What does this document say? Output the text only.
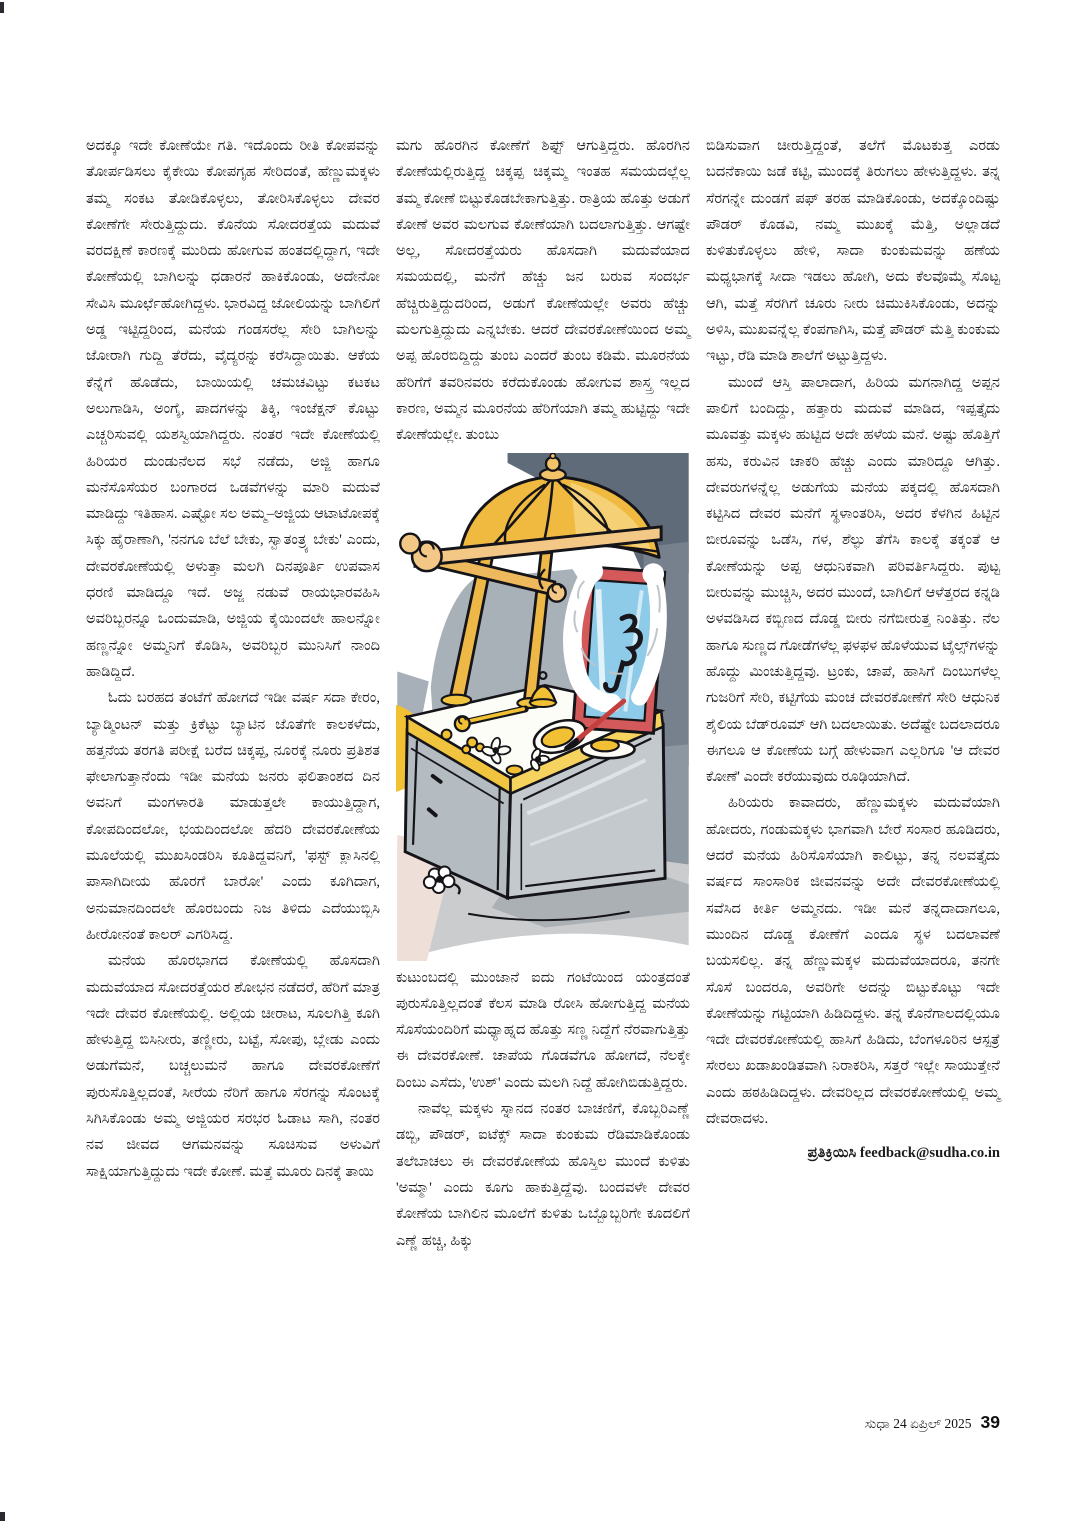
ಅದಕ್ಕೂ ಇದೇ ಕೋಣೆಯೇ ಗತಿ. ಇದೊಂದು ರೀತಿ ಕೋಪವನ್ನು ತೋರ್ಪಡಿಸಲು ಕೈಕೇಯಿ ಕೋಪಗೃಹ ಸೇರಿದಂತೆ, ಹೆಣ್ಣುಮಕ್ಕಳು ತಮ್ಮ ಸಂಕಟ ತೋಡಿಕೊಳ್ಳಲು, ತೋರಿಸಿಕೊಳ್ಳಲು ದೇವರ ಕೋಣೆಗೇ ಸೇರುತ್ತಿದ್ದುದು. ಕೊನೆಯ ಸೋದರತ್ತೆಯ ಮದುವೆ ವರದಕ್ಷಿಣೆ ಕಾರಣಕ್ಕೆ ಮುರಿದು ಹೋಗುವ ಹಂತದಲ್ಲಿದ್ದಾಗ, ಇದೇ ಕೋಣೆಯಲ್ಲಿ ಬಾಗಿಲನ್ನು ಧಡಾರನೆ ಹಾಕಿಕೊಂಡು, ಅದೇನೋ ಸೇವಿಸಿ ಮೂರ್ಛೆಹೋಗಿದ್ದಳು. ಭಾರವಿದ್ದ ಜೋಲಿಯನ್ನು ಬಾಗಿಲಿಗೆ ಅಡ್ಡ ಇಟ್ಟಿದ್ದರಿಂದ, ಮನೆಯ ಗಂಡಸರೆಲ್ಲ ಸೇರಿ ಬಾಗಿಲನ್ನು ಜೋರಾಗಿ ಗುದ್ದಿ ತೆರೆದು, ವೈದ್ಯರನ್ನು ಕರೆಸಿದ್ದಾಯಿತು. ಆಕೆಯ ಕೆನ್ನೆಗೆ ಹೊಡೆದು, ಬಾಯಿಯಲ್ಲಿ ಚಮಚವಿಟ್ಟು ಕಟಕಟ ಅಲುಗಾಡಿಸಿ, ಅಂಗೈ, ಪಾದಗಳನ್ನು ತಿಕ್ಕಿ, ಇಂಜೆಕ್ಷನ್ ಕೊಟ್ಟು ಎಚ್ಚರಿಸುವಲ್ಲಿ ಯಶಸ್ವಿಯಾಗಿದ್ದರು. ನಂತರ ಇದೇ ಕೋಣೆಯಲ್ಲಿ ಹಿರಿಯರ ದುಂಡುನೆಲದ ಸಭೆ ನಡೆದು, ಅಜ್ಜಿ ಹಾಗೂ ಮನೆಸೊಸೆಯರ ಬಂಗಾರದ ಒಡವೆಗಳನ್ನು ಮಾರಿ ಮದುವೆ ಮಾಡಿದ್ದು ಇತಿಹಾಸ. ಎಷ್ಟೋ ಸಲ ಅಮ್ಮ–ಅಜ್ಜಿಯ ಆಟಾಟೋಪಕ್ಕೆ ಸಿಕ್ಕು ಹೈರಾಣಾಗಿ, 'ನನಗೂ ಬೆಲೆ ಬೇಕು, ಸ್ವಾತಂತ್ರ್ಯ ಬೇಕು' ಎಂದು, ದೇವರಕೋಣೆಯಲ್ಲಿ ಅಳುತ್ತಾ ಮಲಗಿ ದಿನಪೂರ್ತಿ ಉಪವಾಸ ಧರಣಿ ಮಾಡಿದ್ದೂ ಇದೆ. ಅಜ್ಜ ನಡುವೆ ರಾಯಭಾರವಹಿಸಿ ಅವರಿಬ್ಬರನ್ನೂ ಒಂದುಮಾಡಿ, ಅಜ್ಜಿಯ ಕೈಯಿಂದಲೇ ಹಾಲನ್ನೋ ಹಣ್ಣನ್ನೋ ಅಮ್ಮನಿಗೆ ಕೊಡಿಸಿ, ಅವರಿಬ್ಬರ ಮುನಿಸಿಗೆ ನಾಂದಿ ಹಾಡಿದ್ದಿದೆ.

ಓದು ಬರಹದ ತಂಟೆಗೆ ಹೋಗದೆ ಇಡೀ ವರ್ಷ ಸದಾ ಕೇರಂ, ಬ್ಯಾಡ್ಮಿಂಟನ್ ಮತ್ತು ಕ್ರಿಕೆಟ್ಟು ಬ್ಯಾಟಿನ ಜೊತೆಗೇ ಕಾಲಕಳೆದು, ಹತ್ತನೆಯ ತರಗತಿ ಪರೀಕ್ಷೆ ಬರೆದ ಚಿಕ್ಕಪ್ಪ, ನೂರಕ್ಕೆ ನೂರು ಪ್ರತಿಶತ ಫೇಲಾಗುತ್ತಾನೆಂದು ಇಡೀ ಮನೆಯ ಜನರು ಫಲಿತಾಂಶದ ದಿನ ಅವನಿಗೆ ಮಂಗಳಾರತಿ ಮಾಡುತ್ತಲೇ ಕಾಯುತ್ತಿದ್ದಾಗ, ಕೋಪದಿಂದಲೋ, ಭಯದಿಂದಲೋ ಹೆದರಿ ದೇವರಕೋಣೆಯ ಮೂಲೆಯಲ್ಲಿ ಮುಖಸಿಂಡರಿಸಿ ಕೂತಿದ್ದವನಿಗೆ, 'ಫಸ್ಟ್ ಕ್ಲಾಸಿನಲ್ಲಿ ಪಾಸಾಗಿದೀಯ ಹೊರಗೆ ಬಾರೋ' ಎಂದು ಕೂಗಿದಾಗ, ಅನುಮಾನದಿಂದಲೇ ಹೊರಬಂದು ನಿಜ ತಿಳಿದು ಎದೆಯುಬ್ಬಿಸಿ ಹೀರೋನಂತೆ ಕಾಲರ್ ಎಗರಿಸಿದ್ದ.

ಮನೆಯ ಹೊರಭಾಗದ ಕೋಣೆಯಲ್ಲಿ ಹೊಸದಾಗಿ ಮದುವೆಯಾದ ಸೋದರತ್ತೆಯರ ಶೋಭನ ನಡೆದರೆ, ಹೆರಿಗೆ ಮಾತ್ರ ಇದೇ ದೇವರ ಕೋಣೆಯಲ್ಲಿ. ಅಲ್ಲಿಯ ಚೀರಾಟ, ಸೂಲಗಿತ್ತಿ ಕೂಗಿ ಹೇಳುತ್ತಿದ್ದ ಬಿಸಿನೀರು, ತಣ್ಣೀರು, ಬಟ್ಟೆ, ಸೋಪು, ಬ್ಲೇಡು ಎಂದು ಅಡುಗೆಮನೆ, ಬಚ್ಚಲುಮನೆ ಹಾಗೂ ದೇವರಕೋಣೆಗೆ ಪುರುಸೊತ್ತಿಲ್ಲದಂತೆ, ಸೀರೆಯ ನೆರಿಗೆ ಹಾಗೂ ಸೆರಗನ್ನು ಸೊಂಟಕ್ಕೆ ಸಿಗಿಸಿಕೊಂಡು ಅಮ್ಮ ಅಜ್ಜಿಯರ ಸರಭರ ಓಡಾಟ ಸಾಗಿ, ನಂತರ ನವ ಜೀವದ ಆಗಮನವನ್ನು ಸೂಚಿಸುವ ಅಳುವಿಗೆ ಸಾಕ್ಷಿಯಾಗುತ್ತಿದ್ದುದು ಇದೇ ಕೋಣೆ. ಮತ್ತೆ ಮೂರು ದಿನಕ್ಕೆ ತಾಯಿ

ಮಗು ಹೊರಗಿನ ಕೋಣೆಗೆ ಶಿಫ್ಟ್ ಆಗುತ್ತಿದ್ದರು. ಹೊರಗಿನ ಕೋಣೆಯಲ್ಲಿರುತ್ತಿದ್ದ ಚಿಕ್ಕಪ್ಪ ಚಿಕ್ಕಮ್ಮ ಇಂತಹ ಸಮಯದಲ್ಲೆಲ್ಲ ತಮ್ಮ ಕೋಣೆ ಬಿಟ್ಟುಕೊಡಬೇಕಾಗುತ್ತಿತ್ತು. ರಾತ್ರಿಯ ಹೊತ್ತು ಅಡುಗೆ ಕೋಣೆ ಅವರ ಮಲಗುವ ಕೋಣೆಯಾಗಿ ಬದಲಾಗುತ್ತಿತ್ತು. ಆಗಷ್ಟೇ ಅಲ್ಲ, ಸೋದರತ್ತೆಯರು ಹೊಸದಾಗಿ ಮದುವೆಯಾದ ಸಮಯದಲ್ಲಿ, ಮನೆಗೆ ಹೆಚ್ಚು ಜನ ಬರುವ ಸಂದರ್ಭ ಹೆಚ್ಚಿರುತ್ತಿದ್ದುದರಿಂದ, ಅಡುಗೆ ಕೋಣೆಯಲ್ಲೇ ಅವರು ಹೆಚ್ಚು ಮಲಗುತ್ತಿದ್ದುದು ಎನ್ನಬೇಕು. ಆದರೆ ದೇವರಕೋಣೆಯಿಂದ ಅಮ್ಮ ಅಪ್ಪ ಹೊರಬಿದ್ದಿದ್ದು ತುಂಬ ಎಂದರೆ ತುಂಬ ಕಡಿಮೆ. ಮೂರನೆಯ ಹೆರಿಗೆಗೆ ತವರಿನವರು ಕರೆದುಕೊಂಡು ಹೋಗುವ ಶಾಸ್ತ್ರ ಇಲ್ಲದ ಕಾರಣ, ಅಮ್ಮನ ಮೂರನೆಯ ಹೆರಿಗೆಯಾಗಿ ತಮ್ಮ ಹುಟ್ಟಿದ್ದು ಇದೇ ಕೋಣೆಯಲ್ಲೇ. ತುಂಬು

ಕುಟುಂಬದಲ್ಲಿ ಮುಂಜಾನೆ ಐದು ಗಂಟೆಯಿಂದ ಯಂತ್ರದಂತೆ ಪುರುಸೊತ್ತಿಲ್ಲದಂತೆ ಕೆಲಸ ಮಾಡಿ ರೋಸಿ ಹೋಗುತ್ತಿದ್ದ ಮನೆಯ ಸೊಸೆಯಂದಿರಿಗೆ ಮಧ್ಯಾಹ್ನದ ಹೊತ್ತು ಸಣ್ಣ ನಿದ್ದೆಗೆ ನೆರವಾಗುತ್ತಿತ್ತು ಈ ದೇವರಕೋಣೆ. ಚಾಪೆಯ ಗೊಡವೆಗೂ ಹೋಗದೆ, ನೆಲಕ್ಕೇ ದಿಂಬು ಎಸೆದು, 'ಉಶ್' ಎಂದು ಮಲಗಿ ನಿದ್ದೆ ಹೋಗಿಬಿಡುತ್ತಿದ್ದರು.

ನಾವೆಲ್ಲ ಮಕ್ಕಳು ಸ್ನಾನದ ನಂತರ ಬಾಚಣಿಗೆ, ಕೊಬ್ಬರಿಎಣ್ಣೆ ಡಬ್ಬಿ, ಪೌಡರ್, ಐಟೆಕ್ಸ್ ಸಾದಾ ಕುಂಕುಮ ರೆಡಿಮಾಡಿಕೊಂಡು ತಲೆಬಾಚಲು ಈ ದೇವರಕೋಣೆಯ ಹೊಸ್ತಿಲ ಮುಂದೆ ಕುಳಿತು 'ಅಮ್ಮಾ' ಎಂದು ಕೂಗು ಹಾಕುತ್ತಿದ್ದೆವು. ಬಂದವಳೇ ದೇವರ ಕೋಣೆಯ ಬಾಗಿಲಿನ ಮೂಲೆಗೆ ಕುಳಿತು ಒಬ್ಬೊಬ್ಬರಿಗೇ ಕೂದಲಿಗೆ ಎಣ್ಣೆ ಹಚ್ಚಿ, ಹಿಕ್ಕು

ಬಿಡಿಸುವಾಗ ಚೀರುತ್ತಿದ್ದಂತೆ, ತಲೆಗೆ ಮೊಟಕುತ್ತ ಎರಡು ಬದನೆಕಾಯಿ ಜಡೆ ಕಟ್ಟಿ, ಮುಂದಕ್ಕೆ ತಿರುಗಲು ಹೇಳುತ್ತಿದ್ದಳು. ತನ್ನ ಸೆರಗನ್ನೇ ದುಂಡಗೆ ಪಫ್ ತರಹ ಮಾಡಿಕೊಂಡು, ಅದಕ್ಕೊಂದಿಷ್ಟು ಪೌಡರ್ ಕೊಡವಿ, ನಮ್ಮ ಮುಖಕ್ಕೆ ಮೆತ್ತಿ, ಅಲ್ಲಾಡದೆ ಕುಳಿತುಕೊಳ್ಳಲು ಹೇಳಿ, ಸಾದಾ ಕುಂಕುಮವನ್ನು ಹಣೆಯ ಮಧ್ಯಭಾಗಕ್ಕೆ ಸೀದಾ ಇಡಲು ಹೋಗಿ, ಅದು ಕೆಲವೊಮ್ಮೆ ಸೊಟ್ಟ ಆಗಿ, ಮತ್ತೆ ಸೆರಗಿಗೆ ಚೂರು ನೀರು ಚಿಮುಕಿಸಿಕೊಂಡು, ಅದನ್ನು ಅಳಿಸಿ, ಮುಖವನ್ನೆಲ್ಲ ಕೆಂಪಗಾಗಿಸಿ, ಮತ್ತೆ ಪೌಡರ್ ಮೆತ್ತಿ ಕುಂಕುಮ ಇಟ್ಟು, ರೆಡಿ ಮಾಡಿ ಶಾಲೆಗೆ ಅಟ್ಟುತ್ತಿದ್ದಳು.

ಮುಂದೆ ಆಸ್ತಿ ಪಾಲಾದಾಗ, ಹಿರಿಯ ಮಗನಾಗಿದ್ದ ಅಪ್ಪನ ಪಾಲಿಗೆ ಬಂದಿದ್ದು, ಹತ್ತಾರು ಮದುವೆ ಮಾಡಿದ, ಇಪ್ಪತ್ತೈದು ಮೂವತ್ತು ಮಕ್ಕಳು ಹುಟ್ಟಿದ ಅದೇ ಹಳೆಯ ಮನೆ. ಅಷ್ಟು ಹೊತ್ತಿಗೆ ಹಸು, ಕರುವಿನ ಚಾಕರಿ ಹೆಚ್ಚು ಎಂದು ಮಾರಿದ್ದೂ ಆಗಿತ್ತು. ದೇವರುಗಳನ್ನೆಲ್ಲ ಅಡುಗೆಯ ಮನೆಯ ಪಕ್ಕದಲ್ಲಿ ಹೊಸದಾಗಿ ಕಟ್ಟಿಸಿದ ದೇವರ ಮನೆಗೆ ಸ್ಥಳಾಂತರಿಸಿ, ಅದರ ಕೆಳಗಿನ ಹಿಟ್ಟಿನ ಬೀರೂವನ್ನು ಒಡೆಸಿ, ಗಳ, ಶೆಲ್ಫು ತೆಗೆಸಿ ಕಾಲಕ್ಕೆ ತಕ್ಕಂತೆ ಆ ಕೋಣೆಯನ್ನು ಅಪ್ಪ ಆಧುನಿಕವಾಗಿ ಪರಿವರ್ತಿಸಿದ್ದರು. ಪುಟ್ಟ ಬೀರುವನ್ನು ಮುಚ್ಚಿಸಿ, ಅದರ ಮುಂದೆ, ಬಾಗಿಲಿಗೆ ಆಳೆತ್ತರದ ಕನ್ನಡಿ ಅಳವಡಿಸಿದ ಕಬ್ಬಿಣದ ದೊಡ್ಡ ಬೀರು ನಗೆಬೀರುತ್ತ ನಿಂತಿತ್ತು. ನೆಲ ಹಾಗೂ ಸುಣ್ಣದ ಗೋಡೆಗಳೆಲ್ಲ ಫಳಫಳ ಹೊಳೆಯುವ ಟೈಲ್ಸ್‌ಗಳನ್ನು ಹೊದ್ದು ಮಿಂಚುತ್ತಿದ್ದವು. ಟ್ರಂಕು, ಚಾಪೆ, ಹಾಸಿಗೆ ದಿಂಬುಗಳೆಲ್ಲ ಗುಜರಿಗೆ ಸೇರಿ, ಕಟ್ಟಿಗೆಯ ಮಂಚ ದೇವರಕೋಣೆಗೆ ಸೇರಿ ಆಧುನಿಕ ಶೈಲಿಯ ಬೆಡ್‌ರೂಮ್ ಆಗಿ ಬದಲಾಯಿತು. ಅದೆಷ್ಟೇ ಬದಲಾದರೂ ಈಗಲೂ ಆ ಕೋಣೆಯ ಬಗ್ಗೆ ಹೇಳುವಾಗ ಎಲ್ಲರಿಗೂ 'ಆ ದೇವರ ಕೋಣೆ' ಎಂದೇ ಕರೆಯುವುದು ರೂಢಿಯಾಗಿದೆ.

ಹಿರಿಯರು ಕಾವಾದರು, ಹೆಣ್ಣುಮಕ್ಕಳು ಮದುವೆಯಾಗಿ ಹೋದರು, ಗಂಡುಮಕ್ಕಳು ಭಾಗವಾಗಿ ಬೇರೆ ಸಂಸಾರ ಹೂಡಿದರು, ಆದರೆ ಮನೆಯ ಹಿರಿಸೊಸೆಯಾಗಿ ಕಾಲಿಟ್ಟು, ತನ್ನ ನಲವತ್ತೈದು ವರ್ಷದ ಸಾಂಸಾರಿಕ ಜೀವನವನ್ನು ಅದೇ ದೇವರಕೋಣೆಯಲ್ಲಿ ಸವೆಸಿದ ಕೀರ್ತಿ ಅಮ್ಮನದು. ಇಡೀ ಮನೆ ತನ್ನದಾದಾಗಲೂ, ಮುಂದಿನ ದೊಡ್ಡ ಕೋಣೆಗೆ ಎಂದೂ ಸ್ಥಳ ಬದಲಾವಣೆ ಬಯಸಲಿಲ್ಲ. ತನ್ನ ಹೆಣ್ಣುಮಕ್ಕಳ ಮದುವೆಯಾದರೂ, ತನಗೇ ಸೊಸೆ ಬಂದರೂ, ಅವರಿಗೇ ಅದನ್ನು ಬಿಟ್ಟುಕೊಟ್ಟು ಇದೇ ಕೋಣೆಯನ್ನು ಗಟ್ಟಿಯಾಗಿ ಹಿಡಿದಿದ್ದಳು. ತನ್ನ ಕೊನೆಗಾಲದಲ್ಲಿಯೂ ಇದೇ ದೇವರಕೋಣೆಯಲ್ಲಿ ಹಾಸಿಗೆ ಹಿಡಿದು, ಬೆಂಗಳೂರಿನ ಆಸ್ಪತ್ರೆ ಸೇರಲು ಖಡಾಖಂಡಿತವಾಗಿ ನಿರಾಕರಿಸಿ, ಸತ್ತರೆ ಇಲ್ಲೇ ಸಾಯುತ್ತೇನೆ ಎಂದು ಹಠಹಿಡಿದಿದ್ದಳು. ದೇವರಿಲ್ಲದ ದೇವರಕೋಣೆಯಲ್ಲಿ ಅಮ್ಮ ದೇವರಾದಳು.

ಪ್ರತಿಕ್ರಿಯಿಸಿ feedback@sudha.co.in

ಸುಧಾ 24 ಏಪ್ರಿಲ್ 2025 39
